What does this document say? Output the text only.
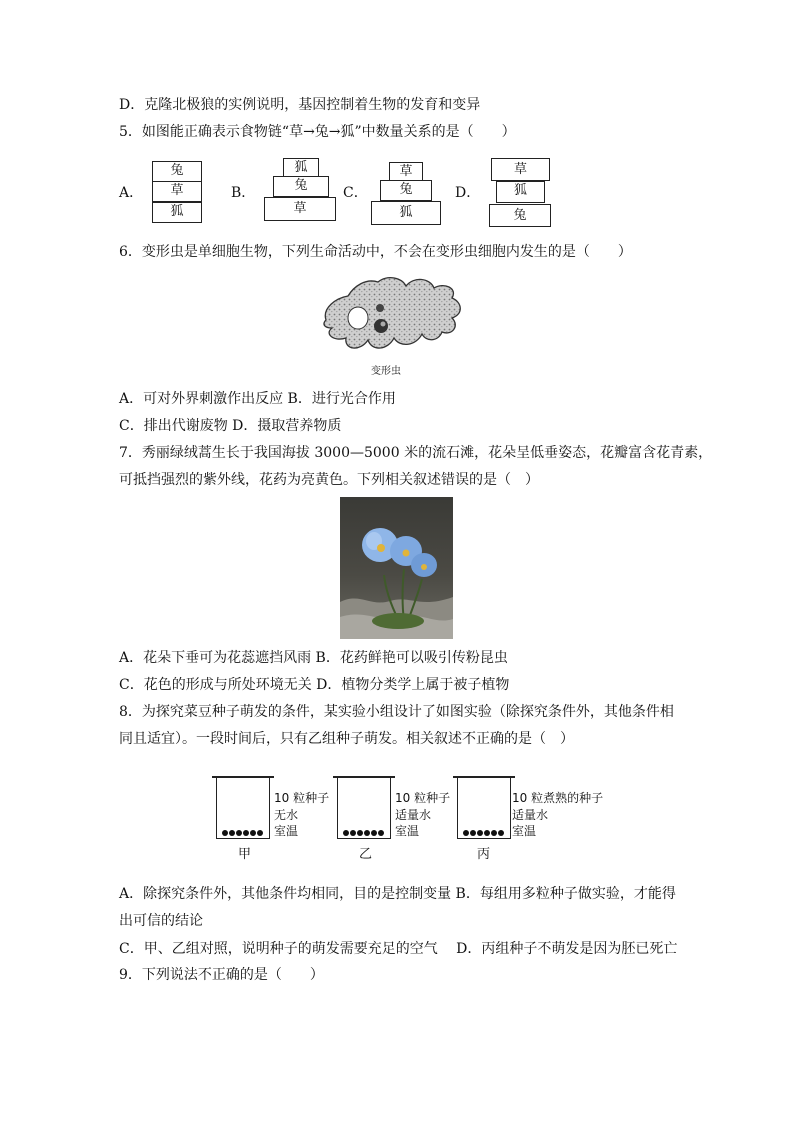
D．克隆北极狼的实例说明，基因控制着生物的发育和变异
5．如图能正确表示食物链“草→兔→狐”中数量关系的是（　　）
A．
兔
草
狐
B．
狐
兔
草
C．
草
兔
狐
D．
草
狐
兔
6．变形虫是单细胞生物，下列生命活动中，不会在变形虫细胞内发生的是（　　）
变形虫
A．可对外界刺激作出反应 B．进行光合作用
C．排出代谢废物 D．摄取营养物质
7．秀丽绿绒蒿生长于我国海拔 3000—5000 米的流石滩，花朵呈低垂姿态，花瓣富含花青素，
可抵挡强烈的紫外线，花药为亮黄色。下列相关叙述错误的是（　）
A．花朵下垂可为花蕊遮挡风雨 B．花药鲜艳可以吸引传粉昆虫
C．花色的形成与所处环境无关 D．植物分类学上属于被子植物
8．为探究菜豆种子萌发的条件，某实验小组设计了如图实验（除探究条件外，其他条件相
同且适宜）。一段时间后，只有乙组种子萌发。相关叙述不正确的是（　）
10 粒种子
无水
室温
甲
10 粒种子
适量水
室温
乙
10 粒煮熟的种子
适量水
室温
丙
A．除探究条件外，其他条件均相同，目的是控制变量 B．每组用多粒种子做实验，才能得
出可信的结论
C．甲、乙组对照，说明种子的萌发需要充足的空气　 D．丙组种子不萌发是因为胚已死亡
9．下列说法不正确的是（　　）
